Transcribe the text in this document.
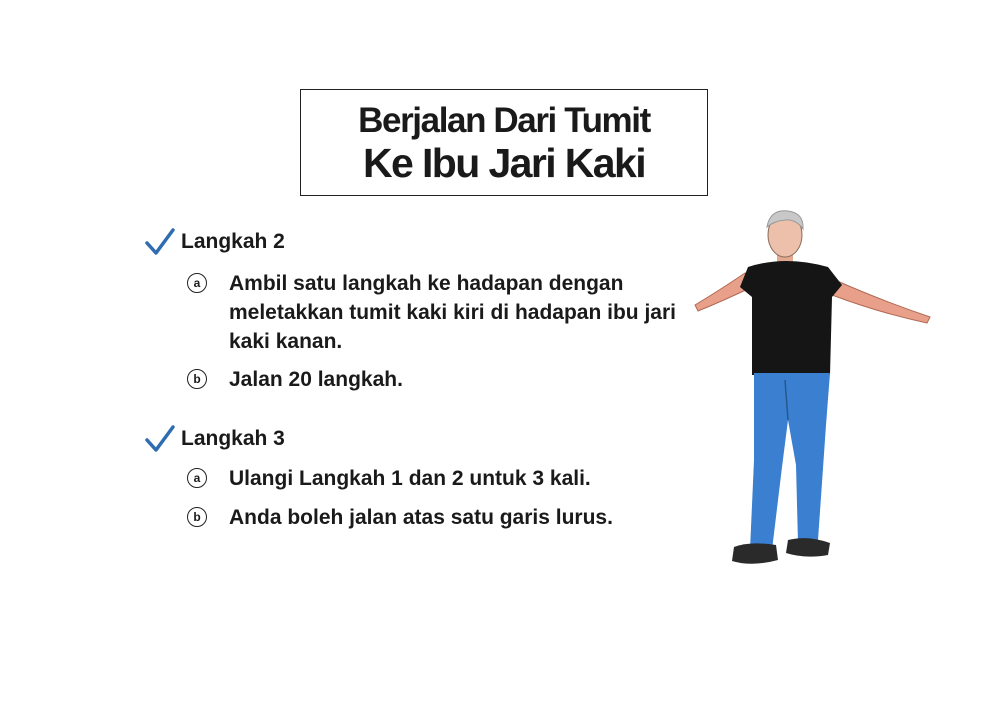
Berjalan Dari Tumit
Ke Ibu Jari Kaki
Langkah 2
a	Ambil satu langkah ke hadapan dengan meletakkan tumit kaki kiri di hadapan ibu jari kaki kanan.
b	Jalan 20 langkah.
Langkah 3
a	Ulangi Langkah 1 dan 2 untuk 3 kali.
b	Anda boleh jalan atas satu garis lurus.
